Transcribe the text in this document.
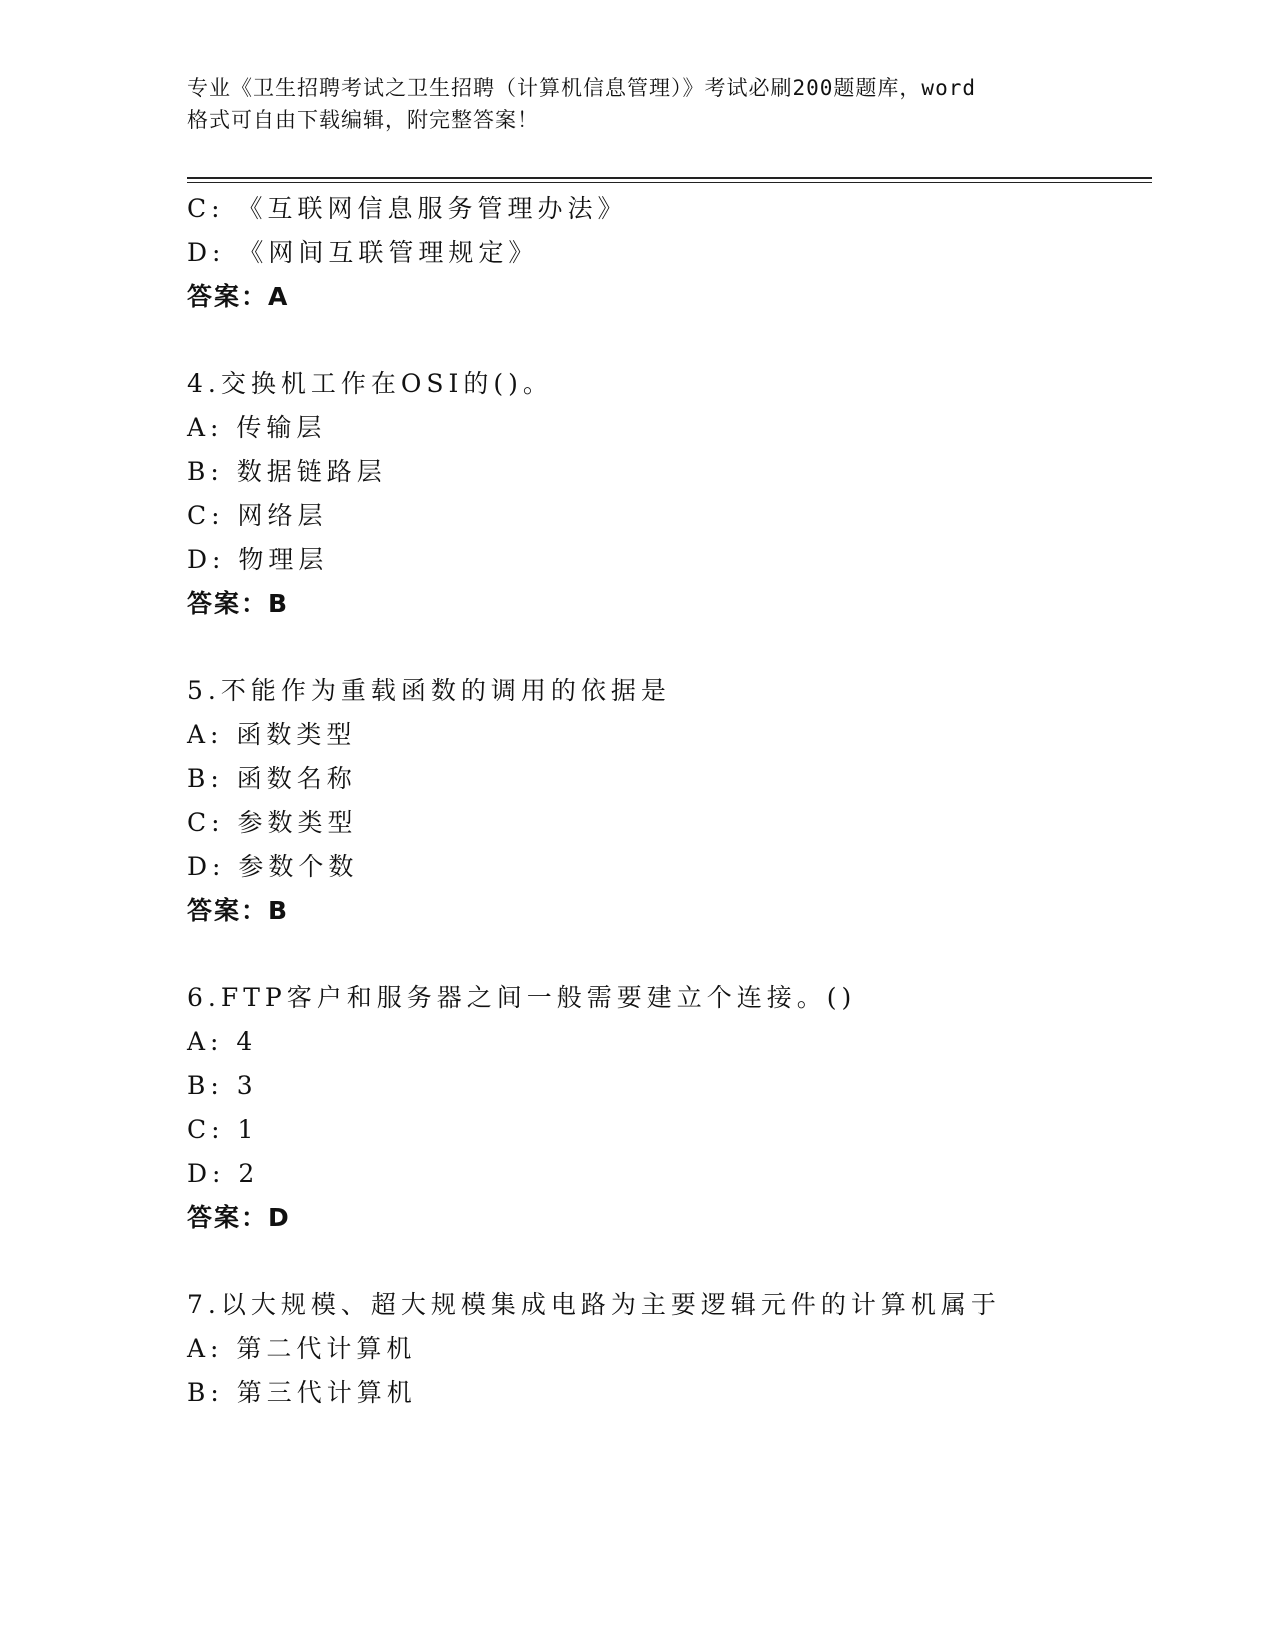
专业《卫生招聘考试之卫生招聘（计算机信息管理）》考试必刷200题题库，word
格式可自由下载编辑，附完整答案！
C: 《互联网信息服务管理办法》
D: 《网间互联管理规定》
答案：A
4.交换机工作在OSI的()。
A: 传输层
B: 数据链路层
C: 网络层
D: 物理层
答案：B
5.不能作为重载函数的调用的依据是
A: 函数类型
B: 函数名称
C: 参数类型
D: 参数个数
答案：B
6.FTP客户和服务器之间一般需要建立个连接。()
A: 4
B: 3
C: 1
D: 2
答案：D
7.以大规模、超大规模集成电路为主要逻辑元件的计算机属于
A: 第二代计算机
B: 第三代计算机
